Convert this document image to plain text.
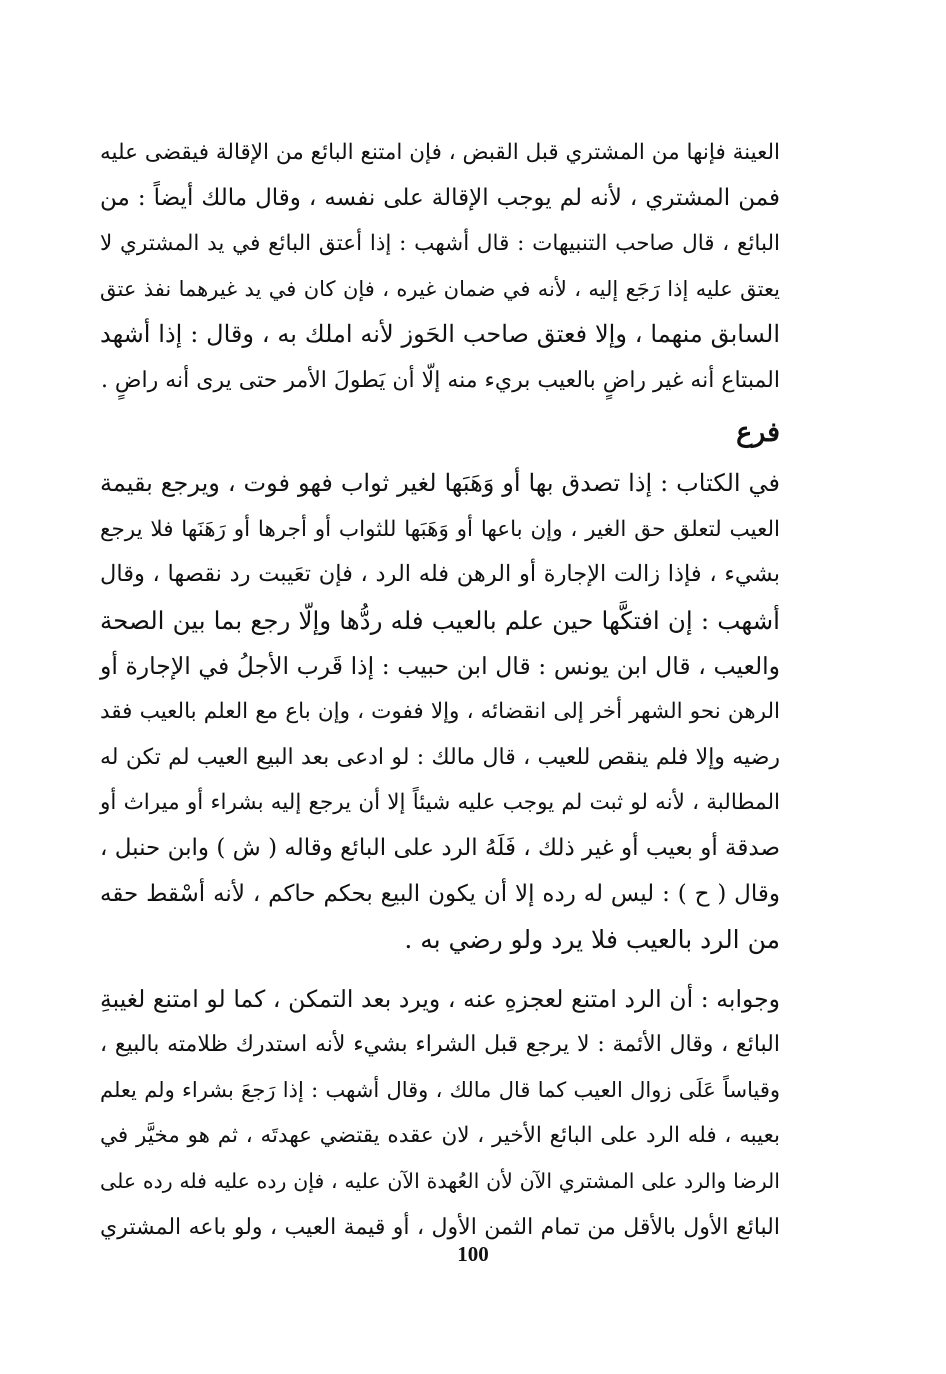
العينة فإنها من المشتري قبل القبض ، فإن امتنع البائع من الإقالة فيقضى عليه
فمن المشتري ، لأنه لم يوجب الإقالة على نفسه ، وقال مالك أيضاً : من
البائع ، قال صاحب التنبيهات : قال أشهب : إذا أعتق البائع في يد المشتري لا
يعتق عليه إذا رَجَع إليه ، لأنه في ضمان غيره ، فإن كان في يد غيرهما نفذ عتق
السابق منهما ، وإلا فعتق صاحب الحَوز لأنه املك به ، وقال : إذا أشهد
المبتاع أنه غير راضٍ بالعيب بريء منه إلّا أن يَطولَ الأمر حتى يرى أنه راضٍ .

فرع

في الكتاب : إذا تصدق بها أو وَهَبَها لغير ثواب فهو فوت ، ويرجع بقيمة
العيب لتعلق حق الغير ، وإن باعها أو وَهَبَها للثواب أو أجرها أو رَهَنَها فلا يرجع
بشيء ، فإذا زالت الإجارة أو الرهن فله الرد ، فإن تعَيبت رد نقصها ، وقال
أشهب : إن افتكَّها حين علم بالعيب فله ردُّها وإلّا رجع بما بين الصحة
والعيب ، قال ابن يونس : قال ابن حبيب : إذا قَرب الأجلُ في الإجارة أو
الرهن نحو الشهر أخر إلى انقضائه ، وإلا ففوت ، وإن باع مع العلم بالعيب فقد
رضيه وإلا فلم ينقص للعيب ، قال مالك : لو ادعى بعد البيع العيب لم تكن له
المطالبة ، لأنه لو ثبت لم يوجب عليه شيئاً إلا أن يرجع إليه بشراء أو ميراث أو
صدقة أو بعيب أو غير ذلك ، فَلَهُ الرد على البائع وقاله ( ش ) وابن حنبل ،
وقال ( ح ) : ليس له رده إلا أن يكون البيع بحكم حاكم ، لأنه أسْقط حقه
من الرد بالعيب فلا يرد ولو رضي به .

وجوابه : أن الرد امتنع لعجزهِ عنه ، ويرد بعد التمكن ، كما لو امتنع لغيبةِ
البائع ، وقال الأئمة : لا يرجع قبل الشراء بشيء لأنه استدرك ظلامته بالبيع ،
وقياساً عَلَى زوال العيب كما قال مالك ، وقال أشهب : إذا رَجعَ بشراء ولم يعلم
بعيبه ، فله الرد على البائع الأخير ، لان عقده يقتضي عهدتَه ، ثم هو مخيَّر في
الرضا والرد على المشتري الآن لأن العُهدة الآن عليه ، فإن رده عليه فله رده على
البائع الأول بالأقل من تمام الثمن الأول ، أو قيمة العيب ، ولو باعه المشتري

100
